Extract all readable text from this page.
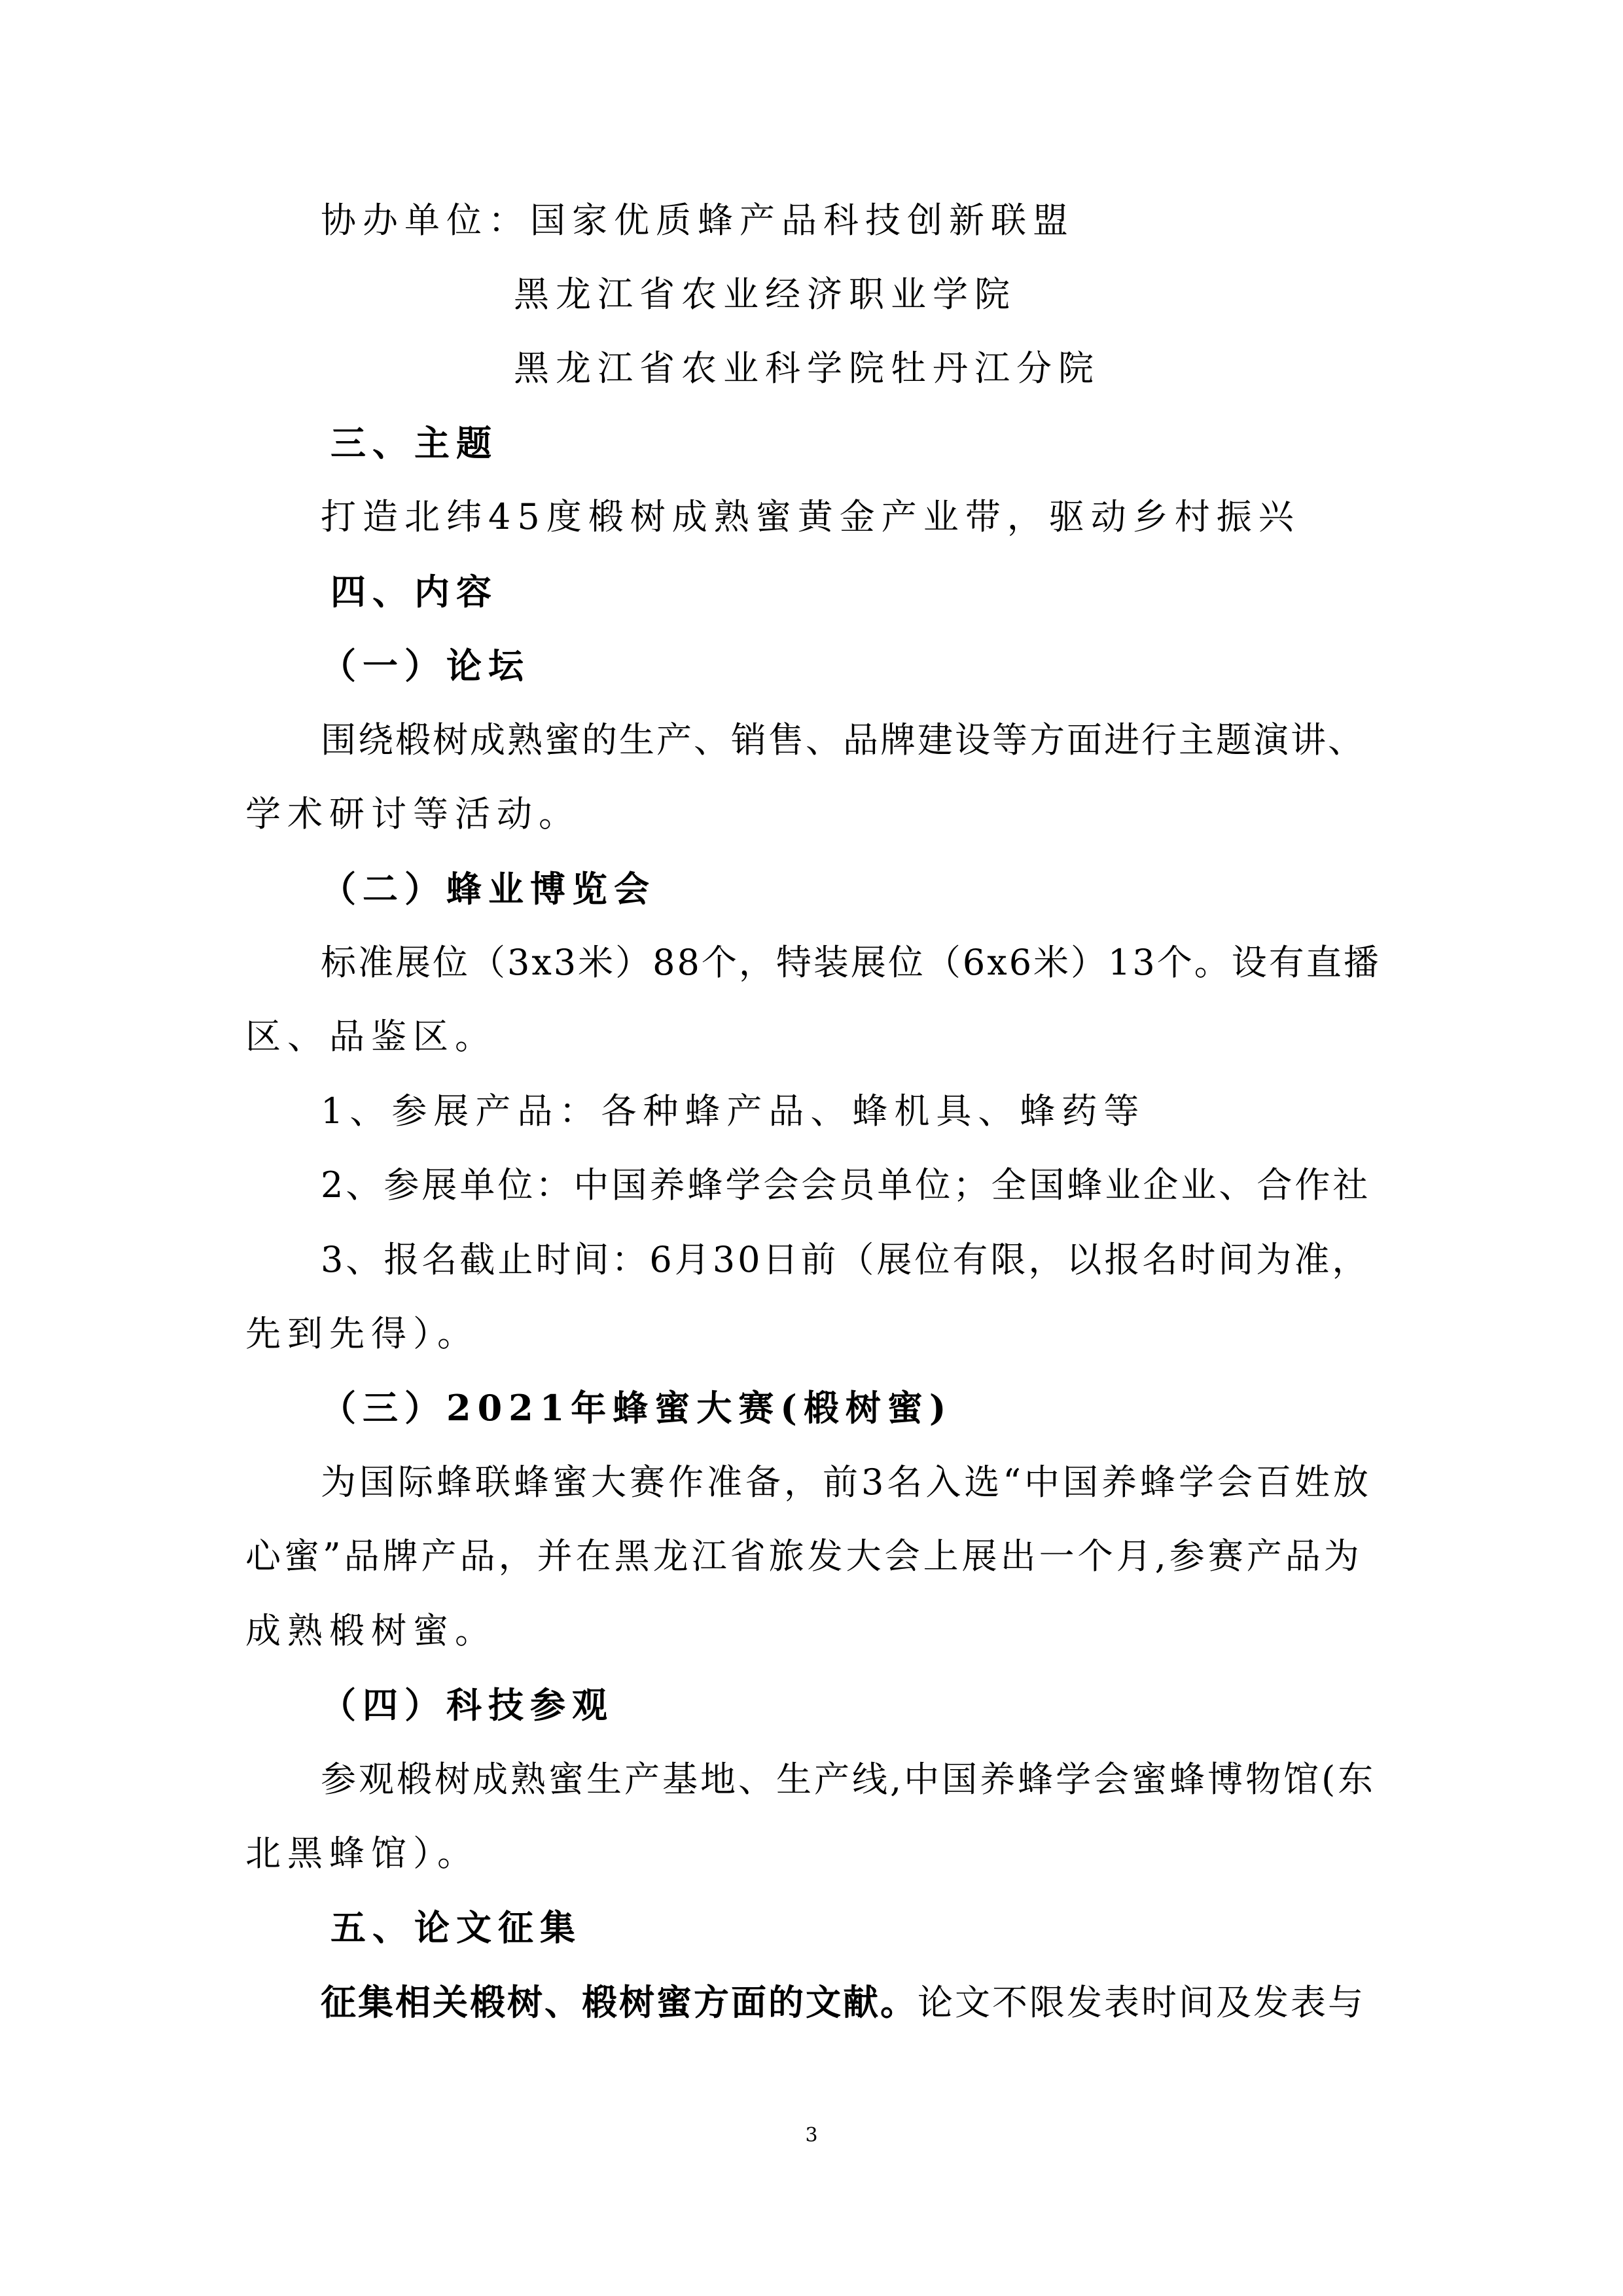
协办单位：国家优质蜂产品科技创新联盟
黑龙江省农业经济职业学院
黑龙江省农业科学院牡丹江分院
三、主题
打造北纬45度椴树成熟蜜黄金产业带，驱动乡村振兴
四、内容
（一）论坛
围绕椴树成熟蜜的生产、销售、品牌建设等方面进行主题演讲、
学术研讨等活动。
（二）蜂业博览会
标准展位（3x3米）88个，特装展位（6x6米）13个。设有直播
区、品鉴区。
1、参展产品：各种蜂产品、蜂机具、蜂药等
2、参展单位：中国养蜂学会会员单位；全国蜂业企业、合作社
3、报名截止时间：6月30日前（展位有限，以报名时间为准，
先到先得）。
（三）2021年蜂蜜大赛(椴树蜜)
为国际蜂联蜂蜜大赛作准备，前3名入选“中国养蜂学会百姓放
心蜜”品牌产品，并在黑龙江省旅发大会上展出一个月,参赛产品为
成熟椴树蜜。
（四）科技参观
参观椴树成熟蜜生产基地、生产线,中国养蜂学会蜜蜂博物馆(东
北黑蜂馆）。
五、论文征集
征集相关椴树、椴树蜜方面的文献。论文不限发表时间及发表与
3
